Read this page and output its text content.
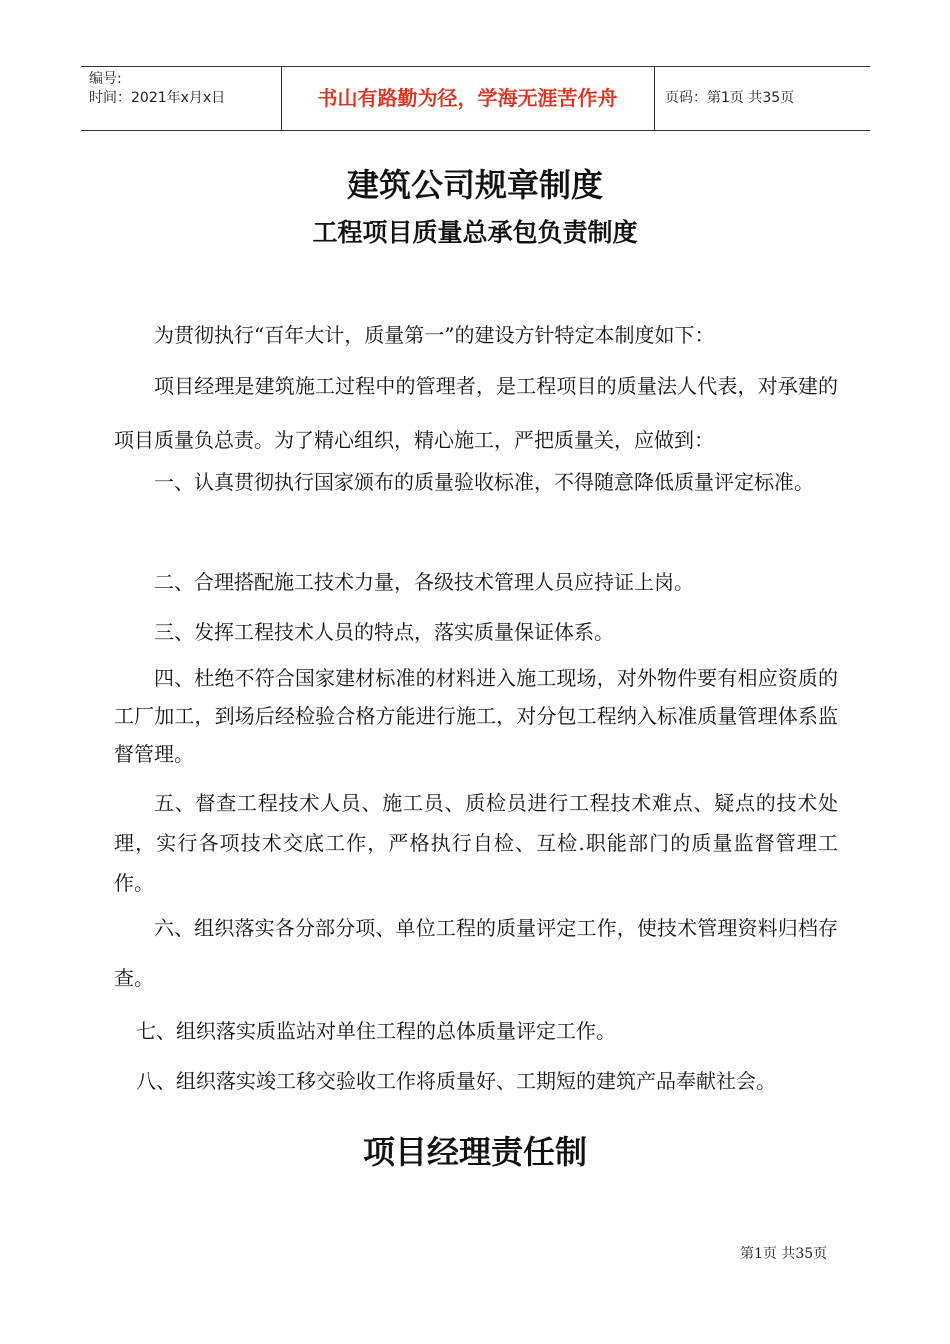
编号:
时间：2021年x月x日	书山有路勤为径，学海无涯苦作舟	页码：第1页 共35页
建筑公司规章制度
工程项目质量总承包负责制度

为贯彻执行“百年大计，质量第一”的建设方针特定本制度如下：

项目经理是建筑施工过程中的管理者，是工程项目的质量法人代表，对承建的项目质量负总责。为了精心组织，精心施工，严把质量关，应做到：

一、认真贯彻执行国家颁布的质量验收标准，不得随意降低质量评定标准。

二、合理搭配施工技术力量，各级技术管理人员应持证上岗。

三、发挥工程技术人员的特点，落实质量保证体系。

四、杜绝不符合国家建材标准的材料进入施工现场，对外物件要有相应资质的工厂加工，到场后经检验合格方能进行施工，对分包工程纳入标准质量管理体系监督管理。

五、督查工程技术人员、施工员、质检员进行工程技术难点、疑点的技术处理，实行各项技术交底工作，严格执行自检、互检.职能部门的质量监督管理工作。

六、组织落实各分部分项、单位工程的质量评定工作，使技术管理资料归档存查。

七、组织落实质监站对单住工程的总体质量评定工作。

八、组织落实竣工移交验收工作将质量好、工期短的建筑产品奉献社会。

项目经理责任制
第1页 共35页
